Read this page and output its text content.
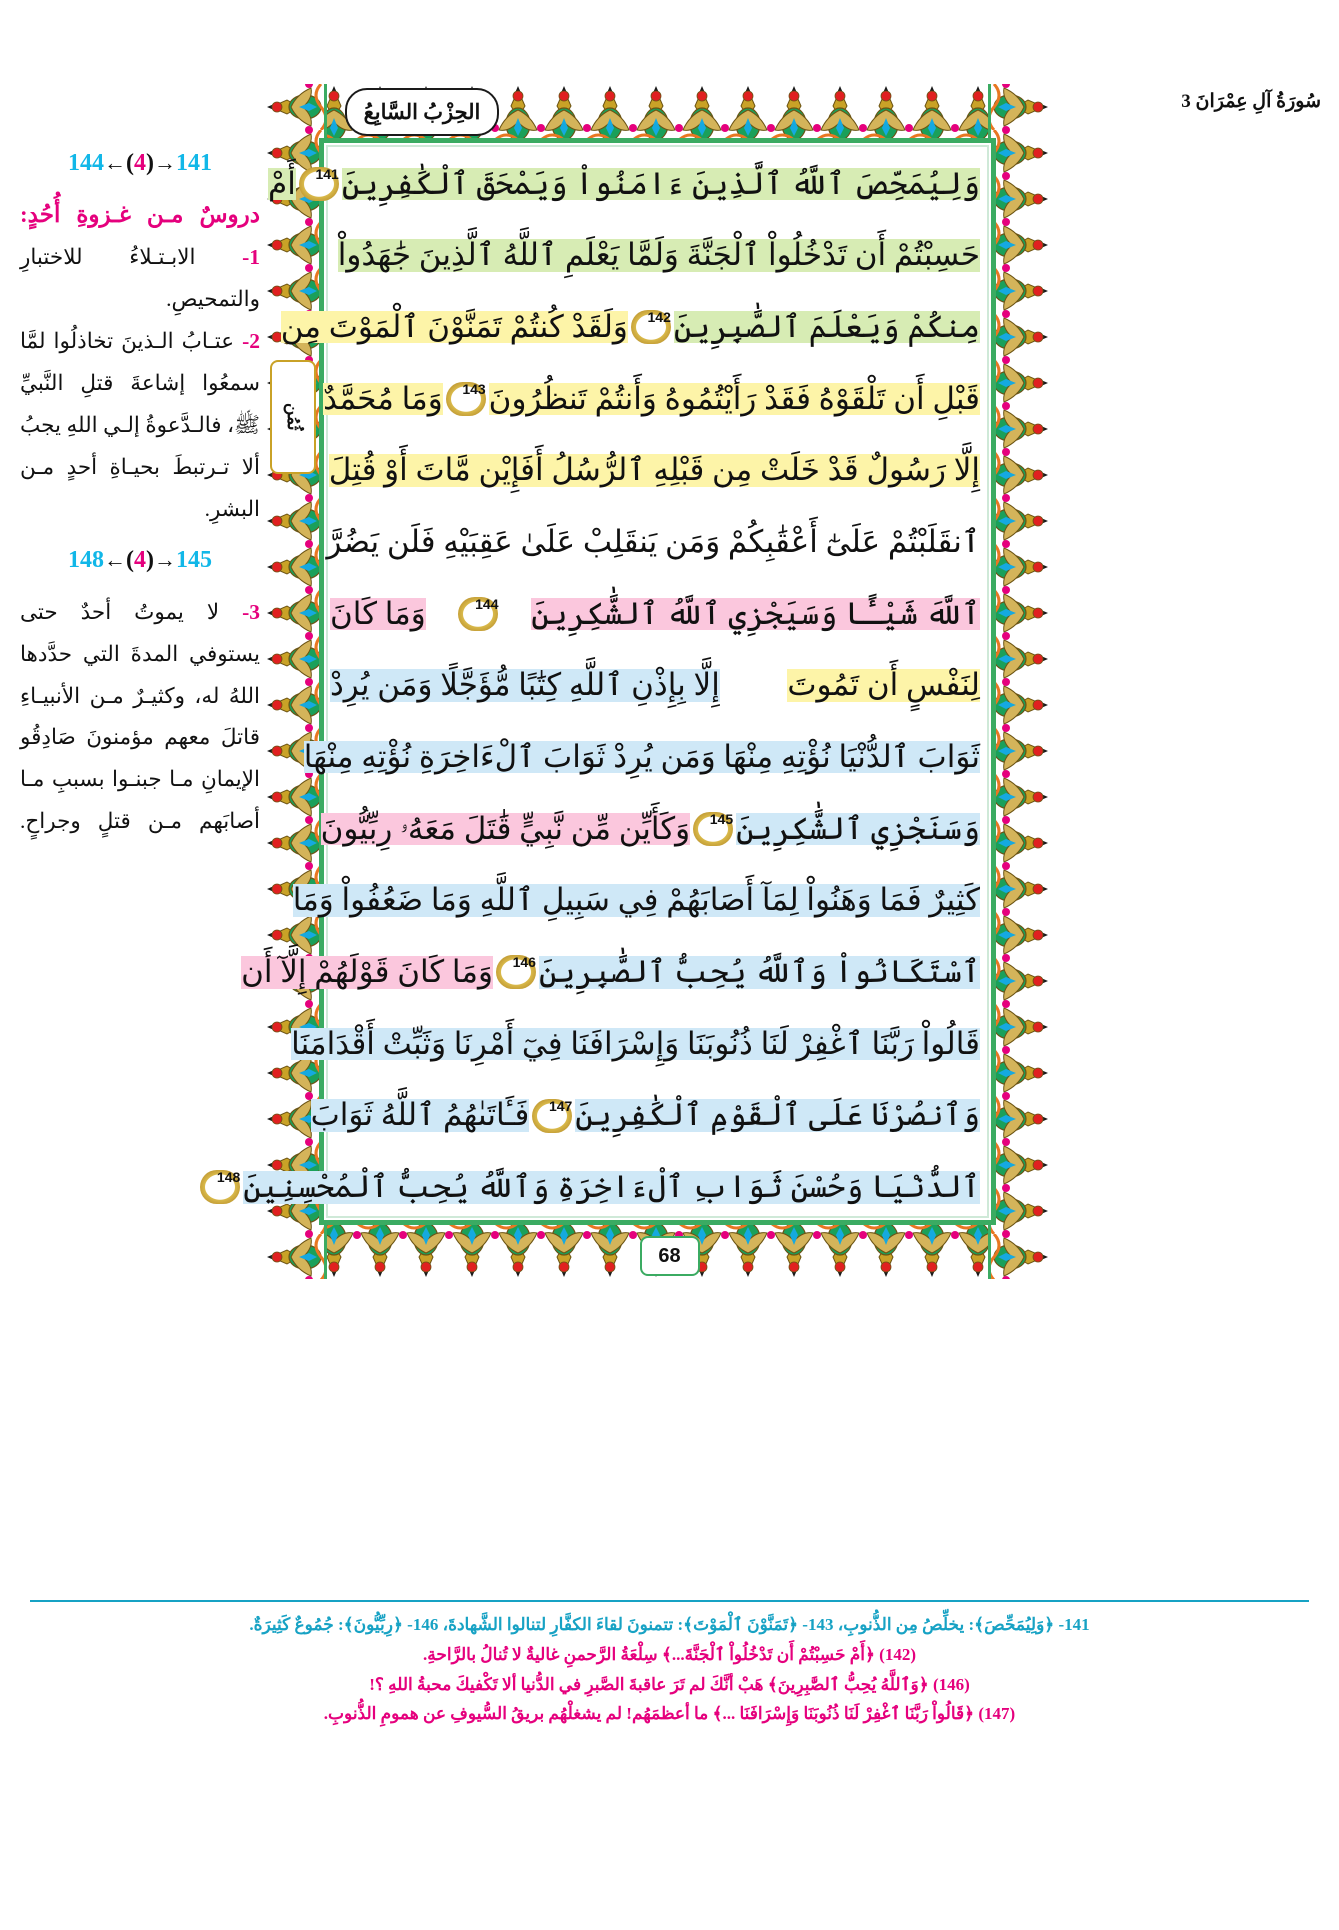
144←(4)→141
دروسٌ مـن غـزوةِ أُحُدٍ:
1- الابـتـلاءُ للاختبارِ والتمحيصِ.
2- عتـابُ الـذينَ تخاذلُوا لمَّا سمعُوا إشاعةَ قتلِ النَّبيِّ ﷺ، فالـدَّعوةُ إلـي اللهِ يجبُ ألا تـرتبطَ بحيـاةِ أحدٍ مـن البشرِ.
148←(4)→145
3- لا يموتُ أحدٌ حتى يستوفي المدةَ التي حدَّدها اللهُ له، وكثيـرٌ مـن الأنبيـاءِ قاتلَ معهم مؤمنونَ صَادِقُو الإيمانِ مـا جبنـوا بسببِ مـا أصابَهم مـن قتلٍ وجراحٍ.
الحِزْبُ السَّابِعُ	سُورَةُ آلِ عِمْرَانَ 3
ثُمُن
وَلِيُمَحِّصَ ٱللَّهُ ٱلَّذِينَ ءَامَنُواْ وَيَمْحَقَ ٱلْكَٰفِرِينَ
141
أَمْ
حَسِبْتُمْ أَن تَدْخُلُواْ ٱلْجَنَّةَ وَلَمَّا يَعْلَمِ ٱللَّهُ ٱلَّذِينَ جَٰهَدُواْ
مِنكُمْ وَيَعْلَمَ ٱلصَّٰبِرِينَ
142
وَلَقَدْ كُنتُمْ تَمَنَّوْنَ ٱلْمَوْتَ مِن
قَبْلِ أَن تَلْقَوْهُ فَقَدْ رَأَيْتُمُوهُ وَأَنتُمْ تَنظُرُونَ
143
وَمَا مُحَمَّدٌ
إِلَّا رَسُولٌ قَدْ خَلَتْ مِن قَبْلِهِ ٱلرُّسُلُ أَفَإِيْن مَّاتَ أَوْ قُتِلَ
ٱنقَلَبْتُمْ عَلَىٰٓ أَعْقَٰبِكُمْ وَمَن يَنقَلِبْ عَلَىٰ عَقِبَيْهِ فَلَن يَضُرَّ
ٱللَّهَ شَيْـًٔا وَسَيَجْزِي ٱللَّهُ ٱلشَّٰكِرِينَ
144
وَمَا كَانَ
لِنَفْسٍ أَن تَمُوتَ
إِلَّا بِإِذْنِ ٱللَّهِ كِتَٰبًا مُّؤَجَّلًا وَمَن يُرِدْ
ثَوَابَ ٱلدُّنْيَا نُؤْتِهِ مِنْهَا وَمَن يُرِدْ ثَوَابَ ٱلْءَاخِرَةِ نُؤْتِهِ مِنْهَا
وَسَنَجْزِي ٱلشَّٰكِرِينَ
145
وَكَأَيِّن مِّن نَّبِيٍّ قَٰتَلَ مَعَهُۥ رِبِّيُّونَ
كَثِيرٌ فَمَا وَهَنُواْ لِمَآ أَصَابَهُمْ فِي سَبِيلِ ٱللَّهِ وَمَا ضَعُفُواْ وَمَا
ٱسْتَكَانُواْ وَٱللَّهُ يُحِبُّ ٱلصَّٰبِرِينَ
146
وَمَا كَانَ قَوْلَهُمْ إِلَّآ أَن
قَالُواْ رَبَّنَا ٱغْفِرْ لَنَا ذُنُوبَنَا وَإِسْرَافَنَا فِيٓ أَمْرِنَا وَثَبِّتْ أَقْدَامَنَا
وَٱنصُرْنَا عَلَى ٱلْقَوْمِ ٱلْكَٰفِرِينَ
147
فَـَٔاتَىٰهُمُ ٱللَّهُ ثَوَابَ
ٱلدُّنْيَا وَحُسْنَ ثَوَابِ ٱلْءَاخِرَةِ وَٱللَّهُ يُحِبُّ ٱلْمُحْسِنِينَ
148
68
141- ﴿وَلِيُمَحِّصَ﴾: يخلِّصُ مِن الذُّنوبِ، 143- ﴿تَمَنَّوْنَ ٱلْمَوْتَ﴾: تتمنونَ لقاءَ الكفَّارِ لتنالوا الشَّهادةَ، 146- ﴿رِبِّيُّونَ﴾: جُمُوعٌ كَثِيرَةٌ.
(142) ﴿أَمْ حَسِبْتُمْ أَن تَدْخُلُواْ ٱلْجَنَّةَ...﴾ سِلْعَةُ الرَّحمنِ غاليةٌ لا تُنالُ بالرَّاحةِ.
(146) ﴿وَٱللَّهُ يُحِبُّ ٱلصَّٰبِرِينَ﴾ هَبْ أنَّكَ لم تَرَ عاقبةَ الصَّبرِ في الدُّنيا ألا تَكْفيكَ محبةُ اللهِ ؟!
(147) ﴿قَالُواْ رَبَّنَا ٱغْفِرْ لَنَا ذُنُوبَنَا وَإِسْرَافَنَا ...﴾ ما أعظمَهُم! لم يشغلْهُم بريقُ السُّيوفِ عن همومِ الذُّنوبِ.
